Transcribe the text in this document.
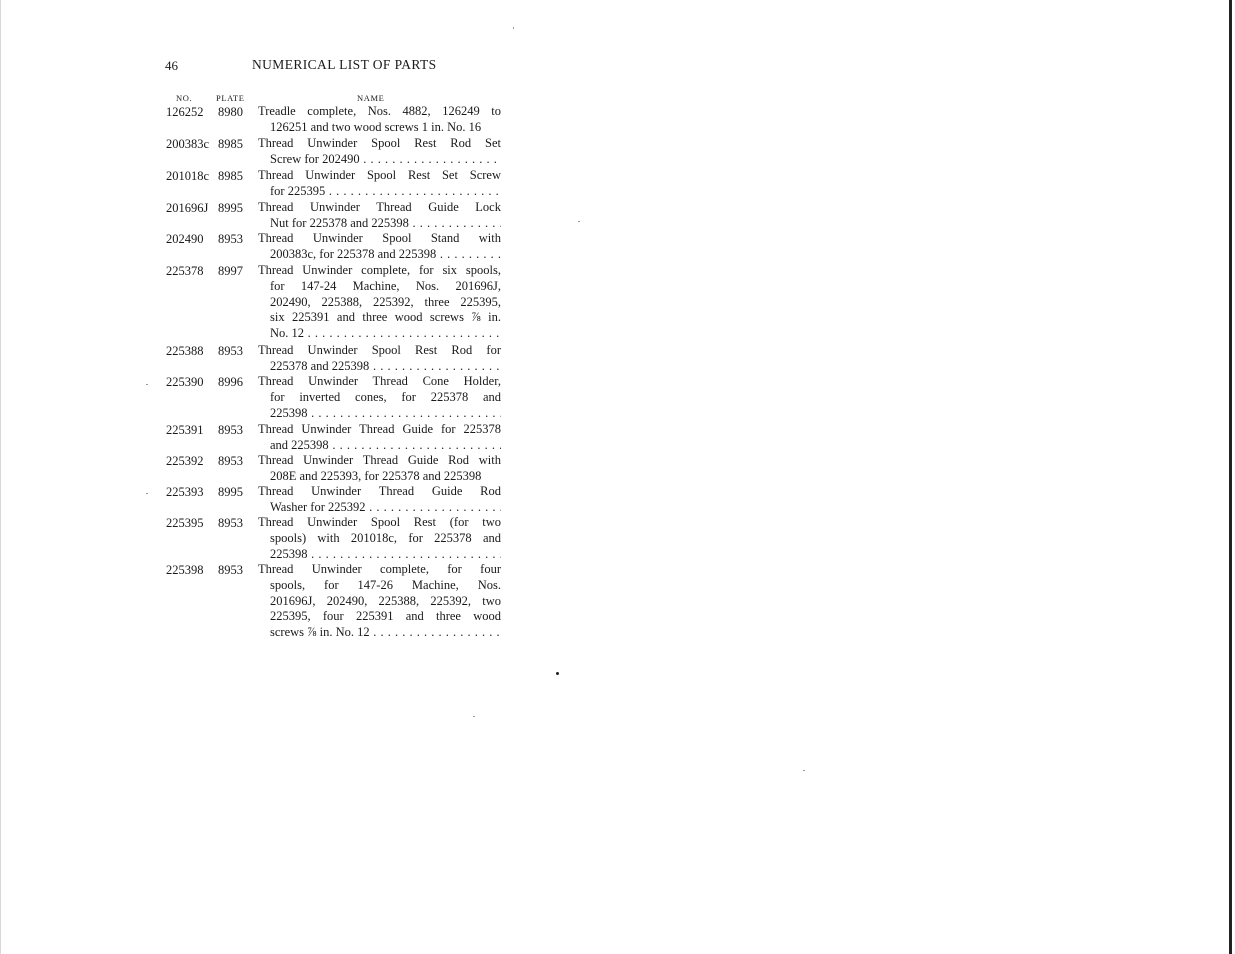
46	NUMERICAL LIST OF PARTS
NO.	PLATE	NAME
126252 8980 Treadle complete, Nos. 4882, 126249 to
126251 and two wood screws 1 in. No. 16
200383c 8985 Thread Unwinder Spool Rest Rod Set
Screw for 202490 . . .
201018c 8985 Thread Unwinder Spool Rest Set Screw
for 225395 . . .
201696J 8995 Thread Unwinder Thread Guide Lock
Nut for 225378 and 225398 . . .
202490 8953 Thread Unwinder Spool Stand with
200383c, for 225378 and 225398 . . .
225378 8997 Thread Unwinder complete, for six spools,
for 147-24 Machine, Nos. 201696J,
202490, 225388, 225392, three 225395,
six 225391 and three wood screws ⅞ in.
No. 12 . . .
225388 8953 Thread Unwinder Spool Rest Rod for
225378 and 225398 . . .
225390 8996 Thread Unwinder Thread Cone Holder,
for inverted cones, for 225378 and
225398 . . .
225391 8953 Thread Unwinder Thread Guide for 225378
and 225398 . . .
225392 8953 Thread Unwinder Thread Guide Rod with
208E and 225393, for 225378 and 225398
225393 8995 Thread Unwinder Thread Guide Rod
Washer for 225392 . . .
225395 8953 Thread Unwinder Spool Rest (for two
spools) with 201018c, for 225378 and
225398 . . .
225398 8953 Thread Unwinder complete, for four
spools, for 147-26 Machine, Nos.
201696J, 202490, 225388, 225392, two
225395, four 225391 and three wood
screws ⅞ in. No. 12 . . .
